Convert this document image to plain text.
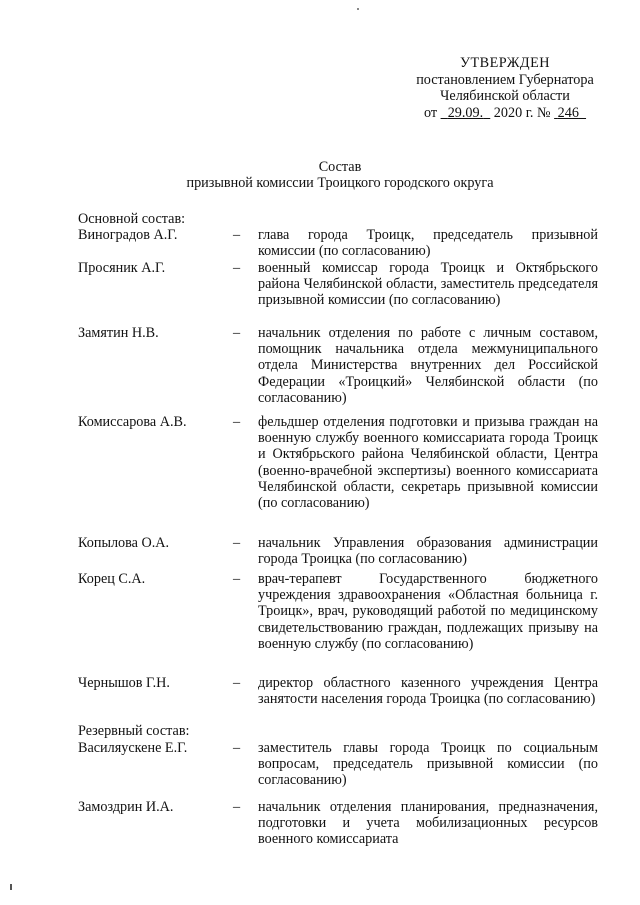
УТВЕРЖДЕН
постановлением Губернатора
Челябинской области
от 29.09. 2020 г. № 246
Состав
призывной комиссии Троицкого городского округа
Основной состав:
Виноградов А.Г.	– глава города Троицк, председатель призывной комиссии (по согласованию)
Просяник А.Г.	– военный комиссар города Троицк и Октябрьского района Челябинской области, заместитель председателя призывной комиссии (по согласованию)
Замятин Н.В.	– начальник отделения по работе с личным составом, помощник начальника отдела межмуниципального отдела Министерства внутренних дел Российской Федерации «Троицкий» Челябинской области (по согласованию)
Комиссарова А.В.	– фельдшер отделения подготовки и призыва граждан на военную службу военного комиссариата города Троицк и Октябрьского района Челябинской области, Центра (военно-врачебной экспертизы) военного комиссариата Челябинской области, секретарь призывной комиссии (по согласованию)
Копылова О.А.	– начальник Управления образования администрации города Троицка (по согласованию)
Корец С.А.	– врач-терапевт Государственного бюджетного учреждения здравоохранения «Областная больница г. Троицк», врач, руководящий работой по медицинскому свидетельствованию граждан, подлежащих призыву на военную службу (по согласованию)
Чернышов Г.Н.	– директор областного казенного учреждения Центра занятости населения города Троицка (по согласованию)
Резервный состав:
Василяускене Е.Г.	– заместитель главы города Троицк по социальным вопросам, председатель призывной комиссии (по согласованию)
Замоздрин И.А.	– начальник отделения планирования, предназначения, подготовки и учета мобилизационных ресурсов военного комиссариата
